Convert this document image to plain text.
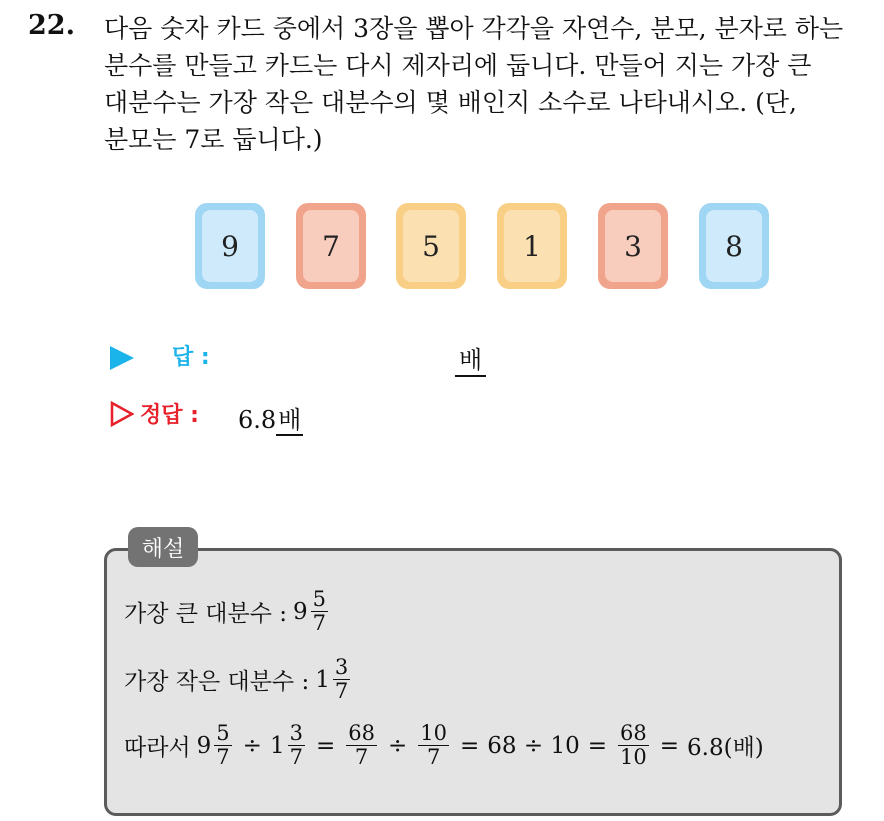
22. 다음 숫자 카드 중에서 3장을 뽑아 각각을 자연수, 분모, 분자로 하는
분수를 만들고 카드는 다시 제자리에 둡니다. 만들어 지는 가장 큰
대분수는 가장 작은 대분수의 몇 배인지 소수로 나타내시오. (단,
분모는 7로 둡니다.)
9	7	5	1	3	8
답 :	배
정답 : 6.8배
해설
가장 큰 대분수 : $9 \frac{5}{7}$
가장 작은 대분수 : $1 \frac{3}{7}$
따라서 $9 \frac{5}{7} \div 1 \frac{3}{7} = \frac{68}{7} \div \frac{10}{7} = 68 \div 10 = \frac{68}{10} = 6.8$(배)
